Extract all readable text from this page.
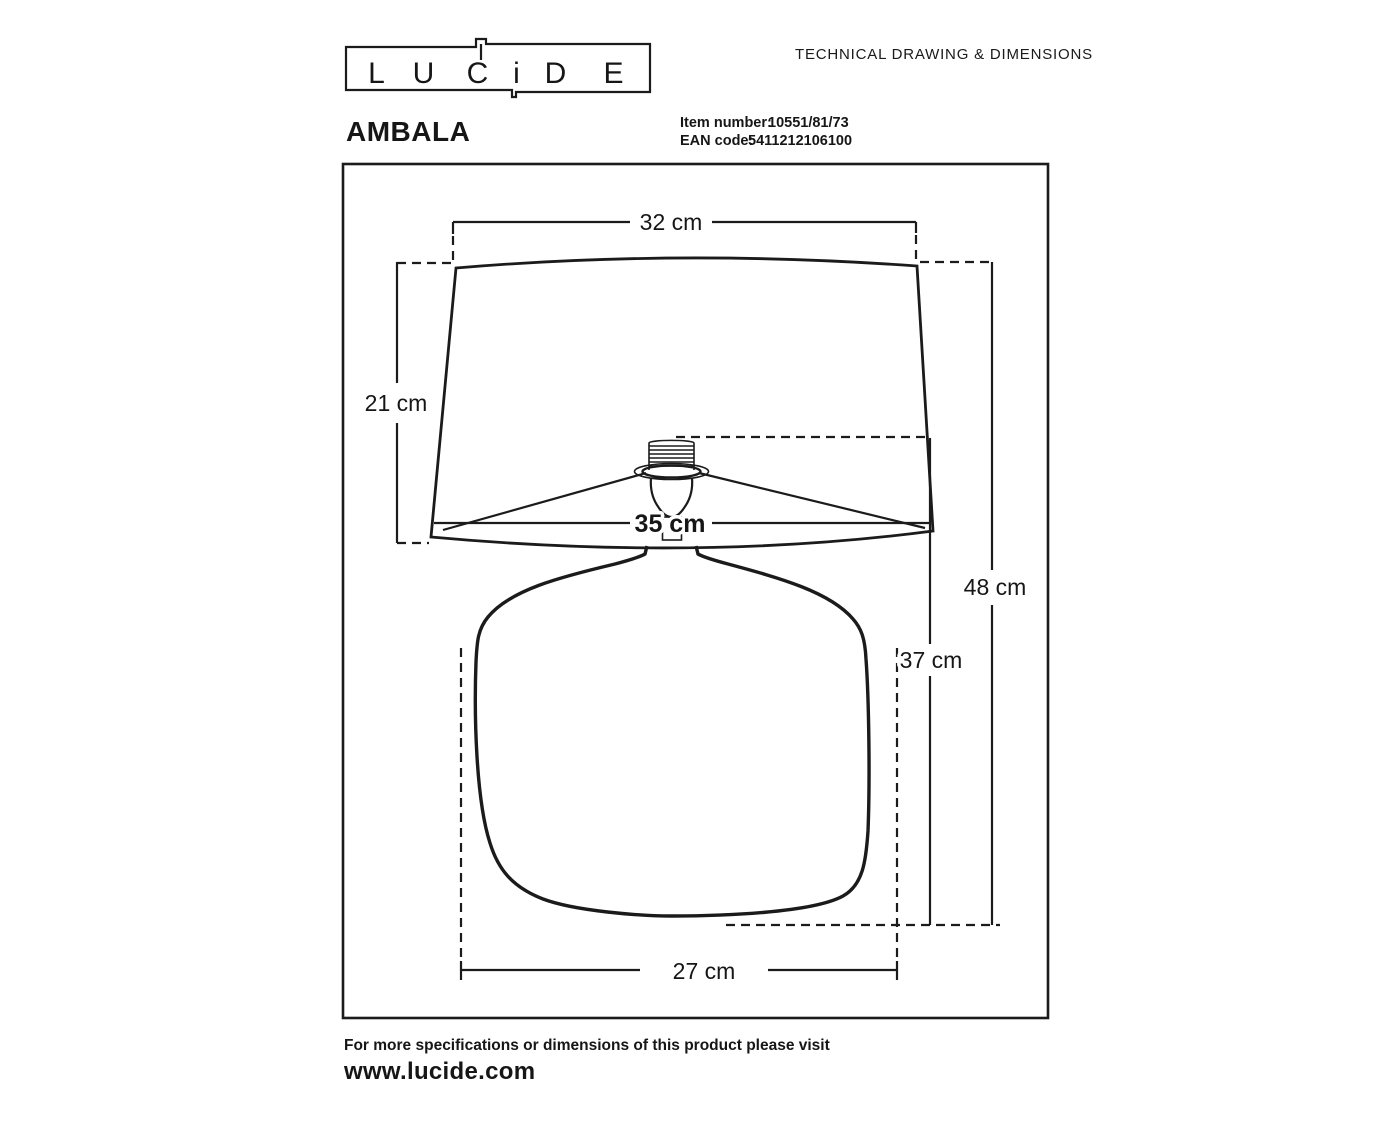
L U C i D E
TECHNICAL DRAWING & DIMENSIONS
AMBALA	Item number:
10551/81/73
EAN code:
5411212106100
32 cm
21 cm
35 cm
48 cm
37 cm
27 cm
For more specifications or dimensions of this product please visit
www.lucide.com
